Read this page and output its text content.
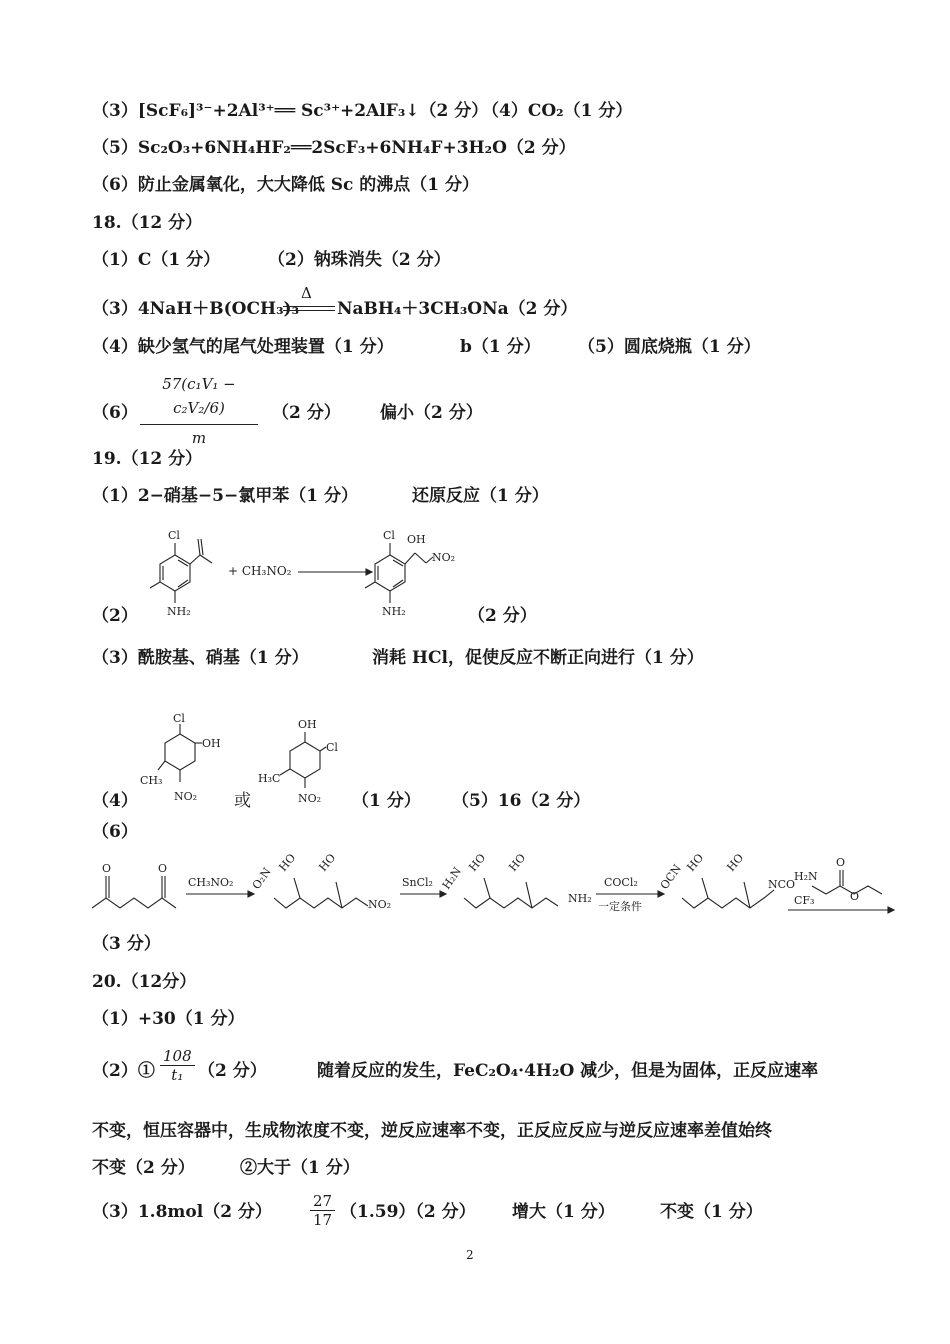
（3）[ScF₆]³⁻+2Al³⁺══ Sc³⁺+2AlF₃↓（2 分）
（4）CO₂（1 分）
（5）Sc₂O₃+6NH₄HF₂══2ScF₃+6NH₄F+3H₂O（2 分）
（6）防止金属氧化，大大降低 Sc 的沸点（1 分）
18.（12 分）
（1）C（1 分）	（2）钠珠消失（2 分）
（3）4NaH＋B(OCH₃)₃
Δ
NaBH₄＋3CH₃ONa（2 分）
（4）缺少氢气的尾气处理装置（1 分）	b（1 分） （5）圆底烧瓶（1 分）
$(6) \frac{\text{57(c₁V₁ − c₂V₂/6)}}{m} (2$ 分） 偏小（2 分）
19.（12 分）
（1）2−硝基−5−氯甲苯（1 分）	还原反应（1 分）
Cl
NH₂
+ CH₃NO₂
Cl OH
NO₂
NH₂
（2）	（2 分）
（3）酰胺基、硝基（1 分）	消耗 HCl，促使反应不断正向进行（1 分）
Cl
OH
CH₃
NO₂
OH
Cl
H₃C
NO₂
（4）	或	（1 分） （5）16（2 分）
（6）
O	O
CH₃NO₂ O₂N
HO HO
NO₂
SnCl₂ H₂N
HO HO
NH₂
COCl₂
一定条件
OCN HO HO
NCO
H₂N
O
O
CF₃
（3 分）
20.（12分）
（1）+30（1 分）
（2）① $\frac{108}{\text{t₁}} (2$ 分）	随着反应的发生，FeC₂O₄·4H₂O 减少，但是为固体，正反应速率
不变，恒压容器中，生成物浓度不变，逆反应速率不变，正反应反应与逆反应速率差值始终
不变（2 分）	②大于（1 分）
（3）1.8mol（2 分）	$\frac{27}{17} (1.59)(2$ 分） 增大（1 分）	不变（1 分）
2
